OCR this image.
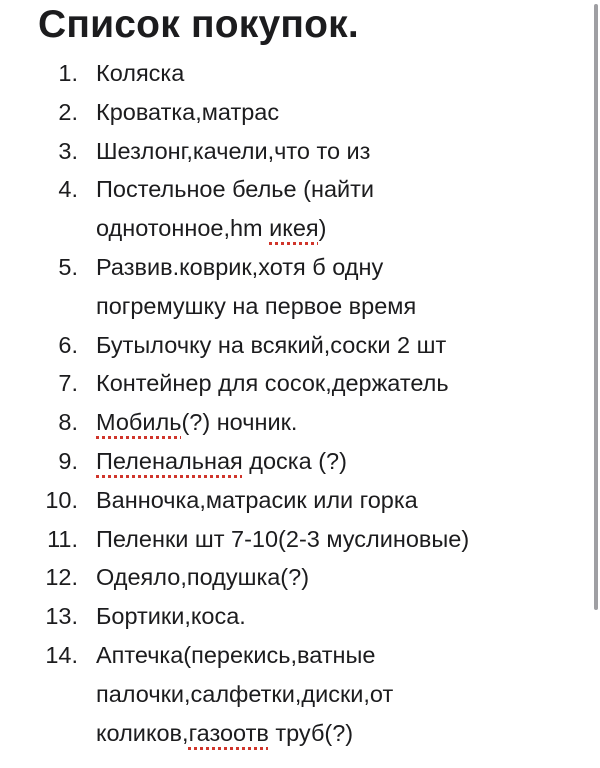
Список покупок.
1. Коляска
2. Кроватка,матрас
3. Шезлонг,качели,что то из
4. Постельное белье (найти
однотонное,hm икея)
5. Развив.коврик,хотя б одну
погремушку на первое время
6. Бутылочку на всякий,соски 2 шт
7. Контейнер для сосок,держатель
8. Мобиль(?) ночник.
9. Пеленальная доска (?)
10. Ванночка,матрасик или горка
11. Пеленки шт 7-10(2-3 муслиновые)
12. Одеяло,подушка(?)
13. Бортики,коса.
14. Аптечка(перекись,ватные
палочки,салфетки,диски,от
коликов,газоотв труб(?)
